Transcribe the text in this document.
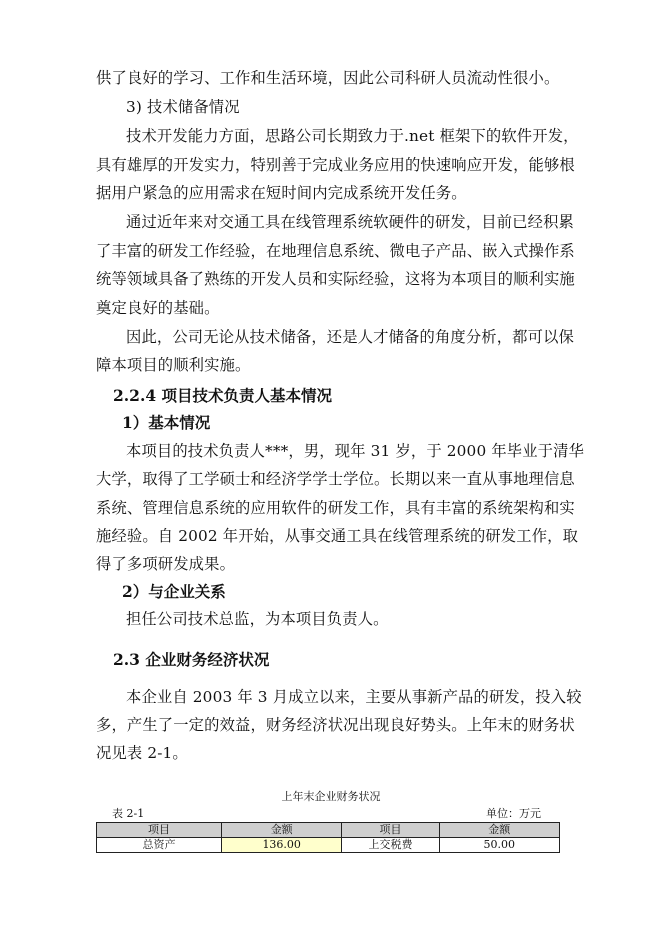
供了良好的学习、工作和生活环境，因此公司科研人员流动性很小。
3) 技术储备情况
技术开发能力方面，思路公司长期致力于.net 框架下的软件开发，
具有雄厚的开发实力，特别善于完成业务应用的快速响应开发，能够根
据用户紧急的应用需求在短时间内完成系统开发任务。
通过近年来对交通工具在线管理系统软硬件的研发，目前已经积累
了丰富的研发工作经验，在地理信息系统、微电子产品、嵌入式操作系
统等领域具备了熟练的开发人员和实际经验，这将为本项目的顺利实施
奠定良好的基础。
因此，公司无论从技术储备，还是人才储备的角度分析，都可以保
障本项目的顺利实施。
2.2.4 项目技术负责人基本情况
1）基本情况
本项目的技术负责人***，男，现年 31 岁，于 2000 年毕业于清华
大学，取得了工学硕士和经济学学士学位。长期以来一直从事地理信息
系统、管理信息系统的应用软件的研发工作，具有丰富的系统架构和实
施经验。自 2002 年开始，从事交通工具在线管理系统的研发工作，取
得了多项研发成果。
2）与企业关系
担任公司技术总监，为本项目负责人。
2.3 企业财务经济状况
本企业自 2003 年 3 月成立以来，主要从事新产品的研发，投入较
多，产生了一定的效益，财务经济状况出现良好势头。上年末的财务状
况见表 2-1。
上年末企业财务状况
表 2-1	单位：万元
项目	金额	项目	金额
总资产	136.00	上交税费	50.00
